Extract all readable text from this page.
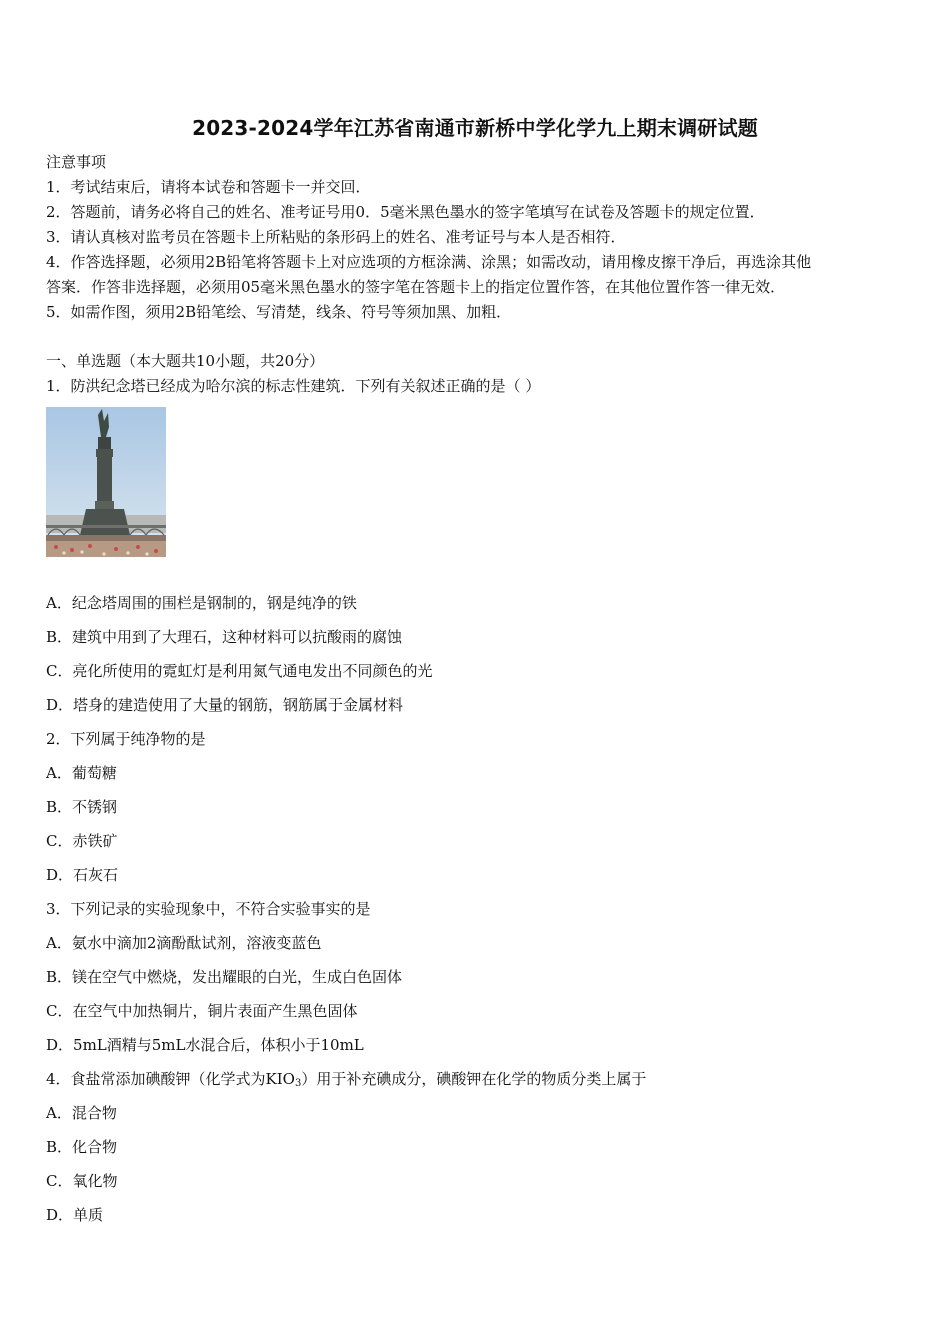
2023-2024学年江苏省南通市新桥中学化学九上期末调研试题
注意事项
1．考试结束后，请将本试卷和答题卡一并交回．
2．答题前，请务必将自己的姓名、准考证号用0．5毫米黑色墨水的签字笔填写在试卷及答题卡的规定位置．
3．请认真核对监考员在答题卡上所粘贴的条形码上的姓名、准考证号与本人是否相符．
4．作答选择题，必须用2B铅笔将答题卡上对应选项的方框涂满、涂黑；如需改动，请用橡皮擦干净后，再选涂其他
答案．作答非选择题，必须用05毫米黑色墨水的签字笔在答题卡上的指定位置作答，在其他位置作答一律无效．
5．如需作图，须用2B铅笔绘、写清楚，线条、符号等须加黑、加粗．
一、单选题（本大题共10小题，共20分）
1．防洪纪念塔已经成为哈尔滨的标志性建筑．下列有关叙述正确的是（ ）
A．纪念塔周围的围栏是钢制的，钢是纯净的铁
B．建筑中用到了大理石，这种材料可以抗酸雨的腐蚀
C．亮化所使用的霓虹灯是利用氮气通电发出不同颜色的光
D．塔身的建造使用了大量的钢筋，钢筋属于金属材料
2．下列属于纯净物的是
A．葡萄糖
B．不锈钢
C．赤铁矿
D．石灰石
3．下列记录的实验现象中，不符合实验事实的是
A．氨水中滴加2滴酚酞试剂，溶液变蓝色
B．镁在空气中燃烧，发出耀眼的白光，生成白色固体
C．在空气中加热铜片，铜片表面产生黑色固体
D．5mL酒精与5mL水混合后，体积小于10mL
4．食盐常添加碘酸钾（化学式为$KIO_3$）用于补充碘成分，碘酸钾在化学的物质分类上属于
A．混合物
B．化合物
C．氧化物
D．单质
